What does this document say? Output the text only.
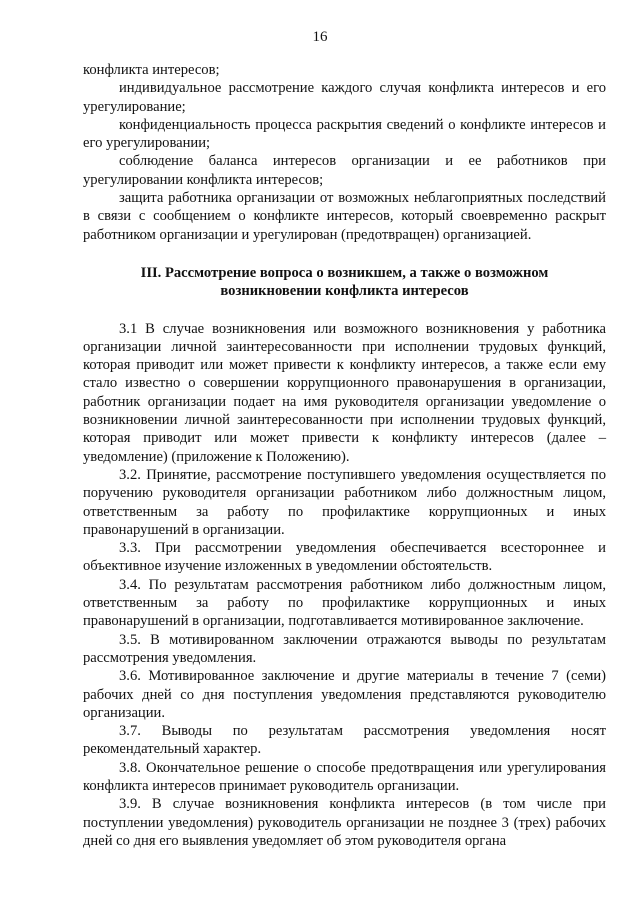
16

конфликта интересов;

индивидуальное рассмотрение каждого случая конфликта интересов и его урегулирование;

конфиденциальность процесса раскрытия сведений о конфликте интересов и его урегулировании;

соблюдение баланса интересов организации и ее работников при урегулировании конфликта интересов;

защита работника организации от возможных неблагоприятных последствий в связи с сообщением о конфликте интересов, который своевременно раскрыт работником организации и урегулирован (предотвращен) организацией.

III. Рассмотрение вопроса о возникшем, а также о возможном
возникновении конфликта интересов

3.1 В случае возникновения или возможного возникновения у работника организации личной заинтересованности при исполнении трудовых функций, которая приводит или может привести к конфликту интересов, а также если ему стало известно о совершении коррупционного правонарушения в организации, работник организации подает на имя руководителя организации уведомление о возникновении личной заинтересованности при исполнении трудовых функций, которая приводит или может привести к конфликту интересов (далее – уведомление) (приложение к Положению).

3.2. Принятие, рассмотрение поступившего уведомления осуществляется по поручению руководителя организации работником либо должностным лицом, ответственным за работу по профилактике коррупционных и иных правонарушений в организации.

3.3. При рассмотрении уведомления обеспечивается всестороннее и объективное изучение изложенных в уведомлении обстоятельств.

3.4. По результатам рассмотрения работником либо должностным лицом, ответственным за работу по профилактике коррупционных и иных правонарушений в организации, подготавливается мотивированное заключение.

3.5. В мотивированном заключении отражаются выводы по результатам рассмотрения уведомления.

3.6. Мотивированное заключение и другие материалы в течение 7 (семи) рабочих дней со дня поступления уведомления представляются руководителю организации.

3.7. Выводы по результатам рассмотрения уведомления носят рекомендательный характер.

3.8. Окончательное решение о способе предотвращения или урегулирования конфликта интересов принимает руководитель организации.

3.9. В случае возникновения конфликта интересов (в том числе при поступлении уведомления) руководитель организации не позднее 3 (трех) рабочих дней со дня его выявления уведомляет об этом руководителя органа
